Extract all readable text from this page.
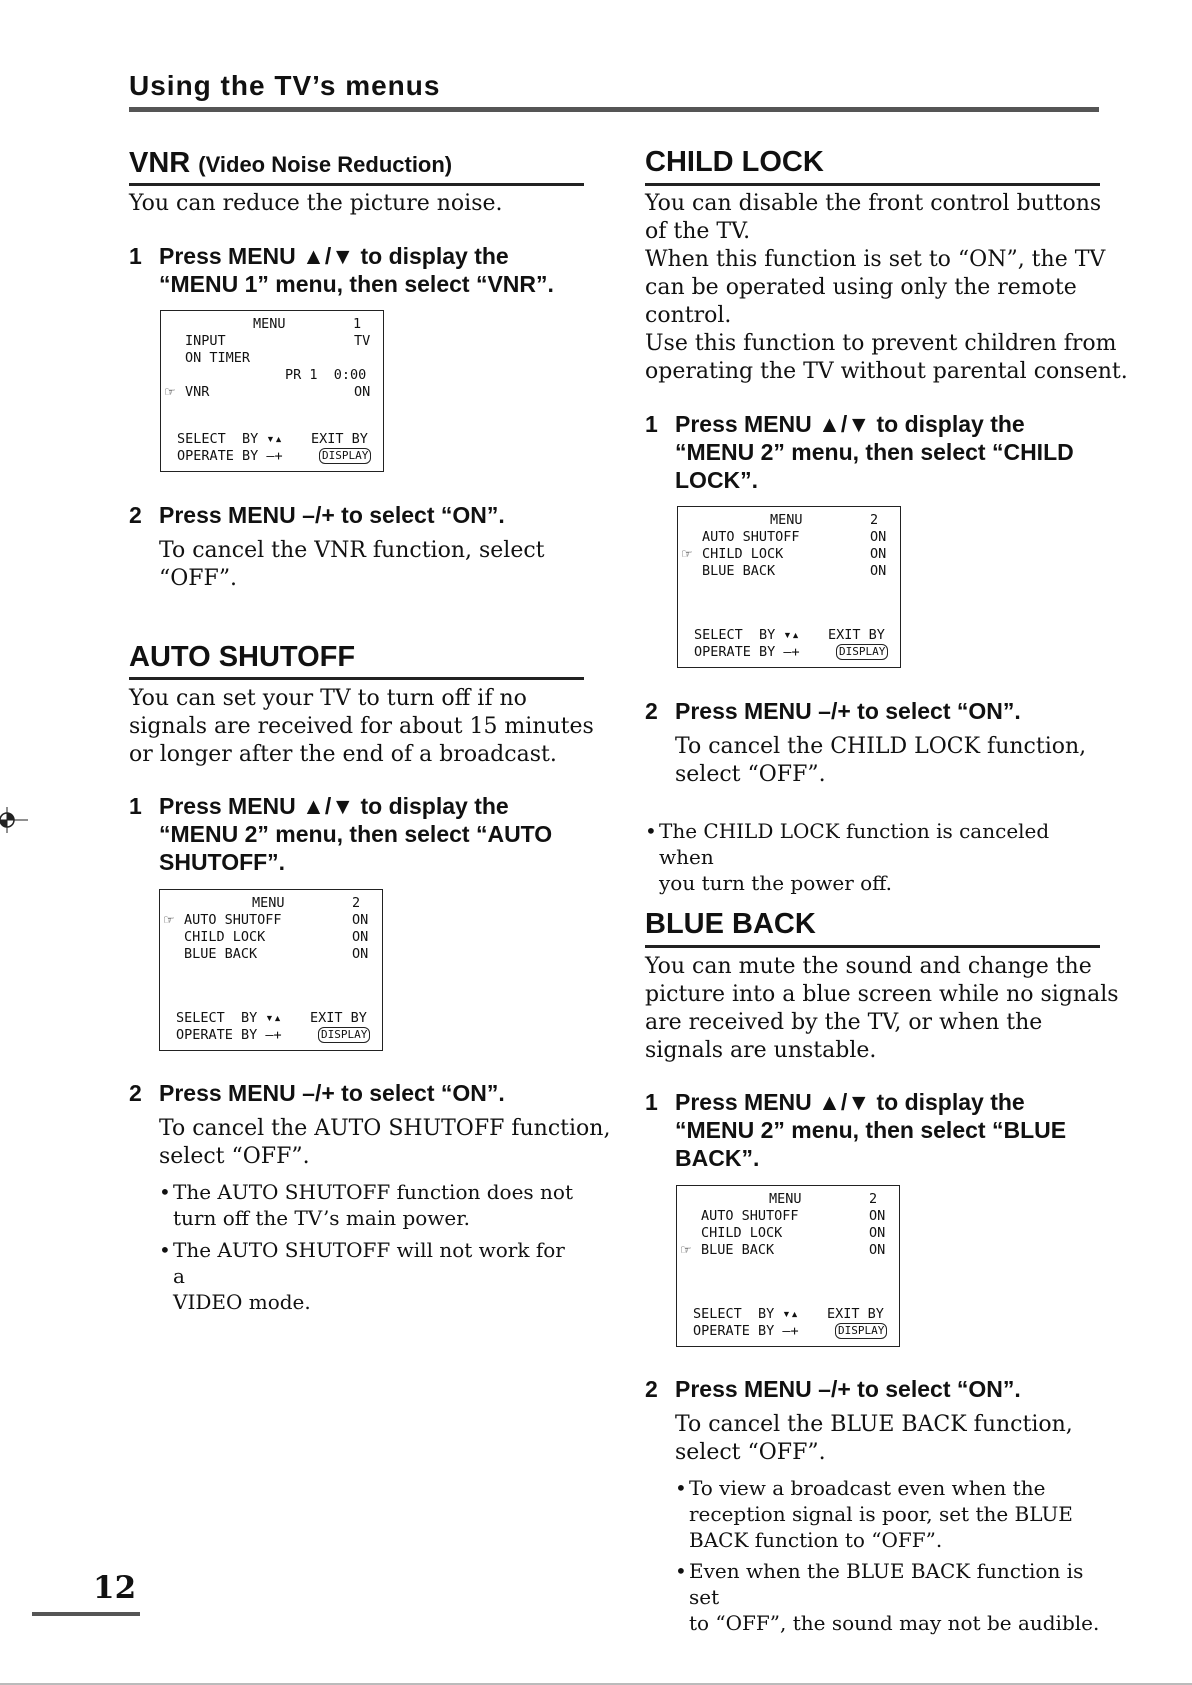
Using the TV’s menus
VNR (Video Noise Reduction)
You can reduce the picture noise.
1 Press MENU ▲/▼ to display the
“MENU 1” menu, then select “VNR”.
MENU	1
INPUT	TV
ON TIMER
PR 1  0:00
☞ VNR	ON
SELECT  BY ▾▴ EXIT BY
OPERATE BY –+	DISPLAY
2 Press MENU –/+ to select “ON”.
To cancel the VNR function, select
“OFF”.
AUTO SHUTOFF
You can set your TV to turn off if no
signals are received for about 15 minutes
or longer after the end of a broadcast.
1 Press MENU ▲/▼ to display the
“MENU 2” menu, then select “AUTO
SHUTOFF”.
MENU	2
☞ AUTO SHUTOFF	ON
CHILD LOCK	ON
BLUE BACK	ON
SELECT  BY ▾▴ EXIT BY
OPERATE BY –+	DISPLAY
2 Press MENU –/+ to select “ON”.
To cancel the AUTO SHUTOFF function,
select “OFF”.
• The AUTO SHUTOFF function does not
turn off the TV’s main power.
• The AUTO SHUTOFF will not work for a
VIDEO mode.
CHILD LOCK
You can disable the front control buttons
of the TV.
When this function is set to “ON”, the TV
can be operated using only the remote
control.
Use this function to prevent children from
operating the TV without parental consent.
1 Press MENU ▲/▼ to display the
“MENU 2” menu, then select “CHILD
LOCK”.
MENU	2
AUTO SHUTOFF	ON
☞ CHILD LOCK	ON
BLUE BACK	ON
SELECT  BY ▾▴ EXIT BY
OPERATE BY –+	DISPLAY
2 Press MENU –/+ to select “ON”.
To cancel the CHILD LOCK function,
select “OFF”.
• The CHILD LOCK function is canceled when
you turn the power off.
BLUE BACK
You can mute the sound and change the
picture into a blue screen while no signals
are received by the TV, or when the
signals are unstable.
1 Press MENU ▲/▼ to display the
“MENU 2” menu, then select “BLUE
BACK”.
MENU	2
AUTO SHUTOFF	ON
CHILD LOCK	ON
☞ BLUE BACK	ON
SELECT  BY ▾▴ EXIT BY
OPERATE BY –+	DISPLAY
2 Press MENU –/+ to select “ON”.
To cancel the BLUE BACK function,
select “OFF”.
• To view a broadcast even when the
reception signal is poor, set the BLUE
BACK function to “OFF”.
• Even when the BLUE BACK function is set
to “OFF”, the sound may not be audible.
12
